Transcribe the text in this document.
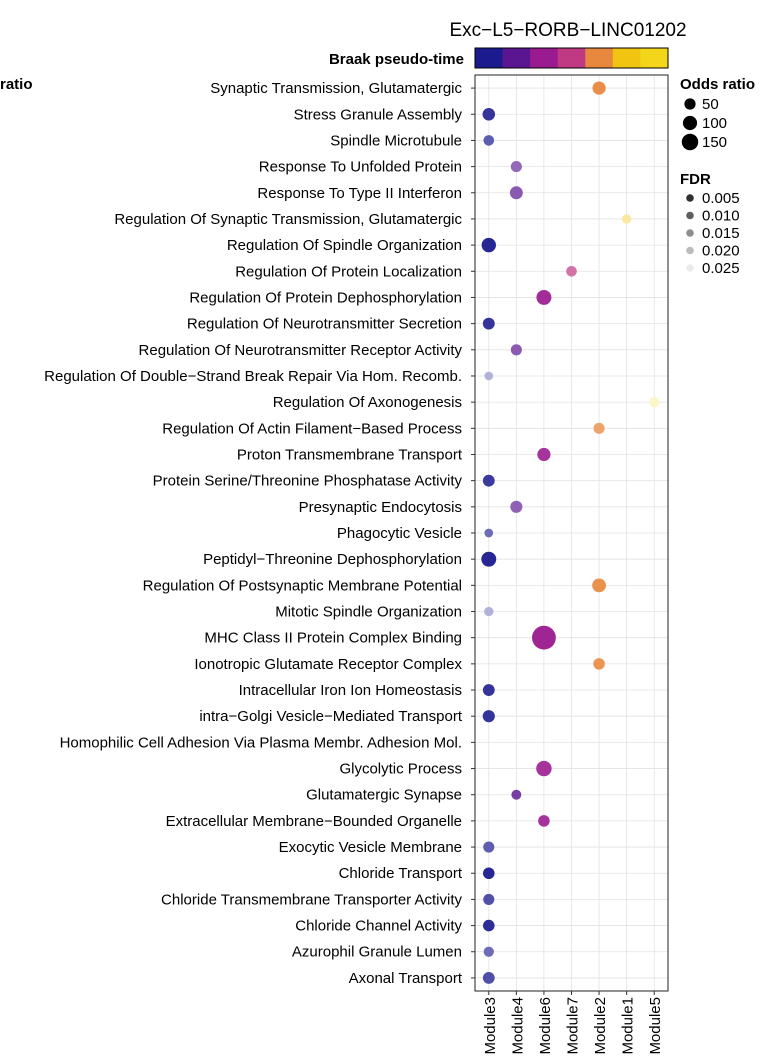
Exc−L5−RORB−LINC01202
Braak pseudo-time
ratio	Synaptic Transmission, Glutamatergic
Stress Granule Assembly
Spindle Microtubule
Response To Unfolded Protein
Response To Type II Interferon
Regulation Of Synaptic Transmission, Glutamatergic
Regulation Of Spindle Organization
Regulation Of Protein Localization
Regulation Of Protein Dephosphorylation
Regulation Of Neurotransmitter Secretion
Regulation Of Neurotransmitter Receptor Activity
Regulation Of Double−Strand Break Repair Via Hom. Recomb.
Regulation Of Axonogenesis
Regulation Of Actin Filament−Based Process
Proton Transmembrane Transport
Protein Serine/Threonine Phosphatase Activity
Presynaptic Endocytosis
Phagocytic Vesicle
Peptidyl−Threonine Dephosphorylation
Regulation Of Postsynaptic Membrane Potential
Mitotic Spindle Organization
MHC Class II Protein Complex Binding
Ionotropic Glutamate Receptor Complex
Intracellular Iron Ion Homeostasis
intra−Golgi Vesicle−Mediated Transport
Homophilic Cell Adhesion Via Plasma Membr. Adhesion Mol.
Glycolytic Process
Glutamatergic Synapse
Extracellular Membrane−Bounded Organelle
Exocytic Vesicle Membrane
Chloride Transport
Chloride Transmembrane Transporter Activity
Chloride Channel Activity
Azurophil Granule Lumen
Axonal Transport
Module3 Module4 Module6 Module7 Module2 Module1 Module5
Odds ratio
50
100
150
FDR
0.005
0.010
0.015
0.020
0.025
